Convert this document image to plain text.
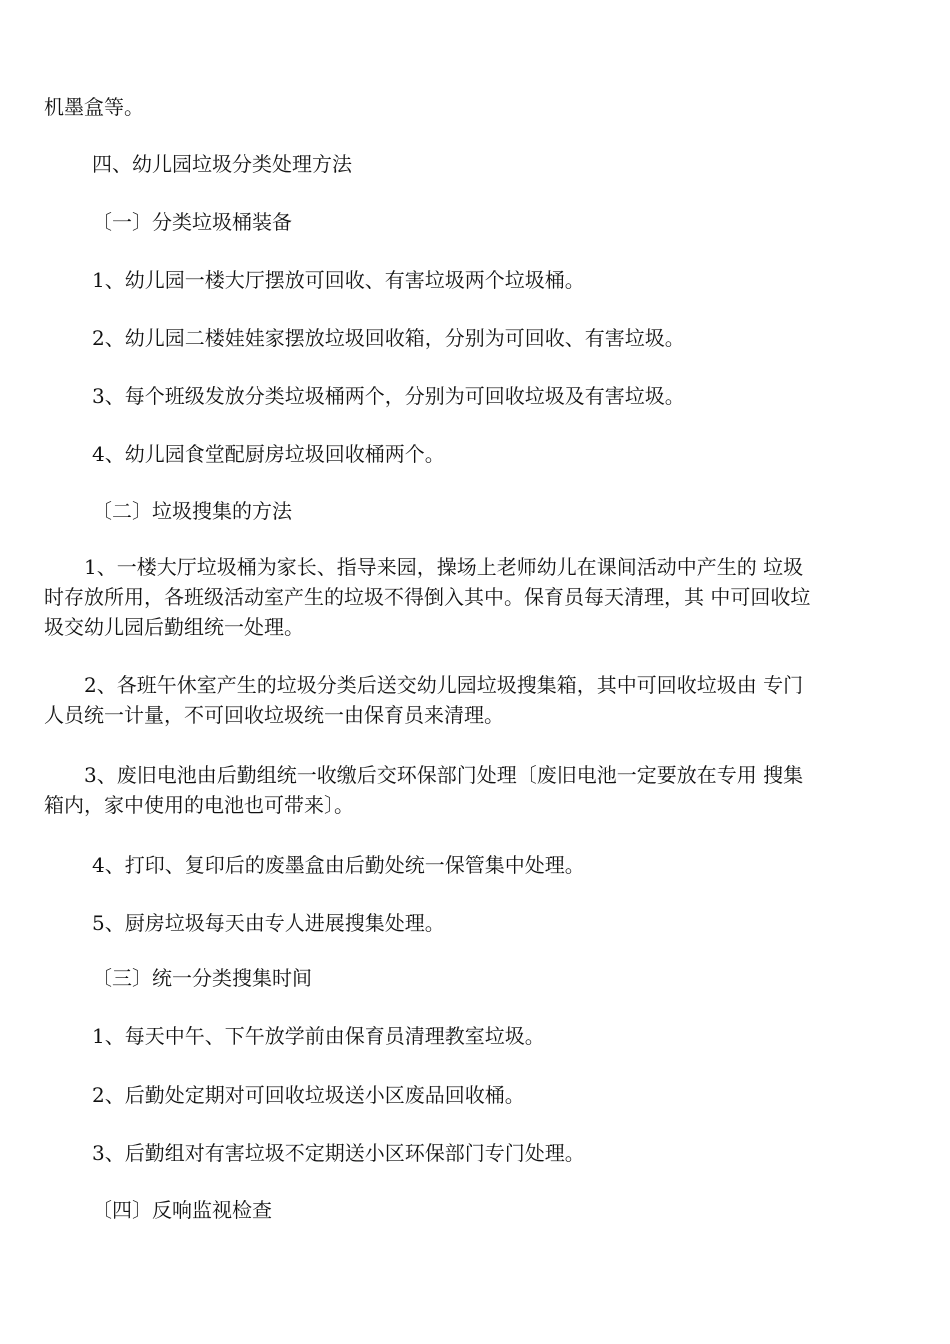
机墨盒等。

四、幼儿园垃圾分类处理方法

〔一〕分类垃圾桶装备

1、幼儿园一楼大厅摆放可回收、有害垃圾两个垃圾桶。

2、幼儿园二楼娃娃家摆放垃圾回收箱，分别为可回收、有害垃圾。

3、每个班级发放分类垃圾桶两个，分别为可回收垃圾及有害垃圾。

4、幼儿园食堂配厨房垃圾回收桶两个。

〔二〕垃圾搜集的方法

　　1、一楼大厅垃圾桶为家长、指导来园，操场上老师幼儿在课间活动中产生的 垃圾
时存放所用，各班级活动室产生的垃圾不得倒入其中。保育员每天清理，其 中可回收垃
圾交幼儿园后勤组统一处理。
　　2、各班午休室产生的垃圾分类后送交幼儿园垃圾搜集箱，其中可回收垃圾由 专门
人员统一计量，不可回收垃圾统一由保育员来清理。
　　3、废旧电池由后勤组统一收缴后交环保部门处理〔废旧电池一定要放在专用 搜集
箱内，家中使用的电池也可带来〕。

4、打印、复印后的废墨盒由后勤处统一保管集中处理。

5、厨房垃圾每天由专人进展搜集处理。

〔三〕统一分类搜集时间

1、每天中午、下午放学前由保育员清理教室垃圾。

2、后勤处定期对可回收垃圾送小区废品回收桶。

3、后勤组对有害垃圾不定期送小区环保部门专门处理。

〔四〕反响监视检查
